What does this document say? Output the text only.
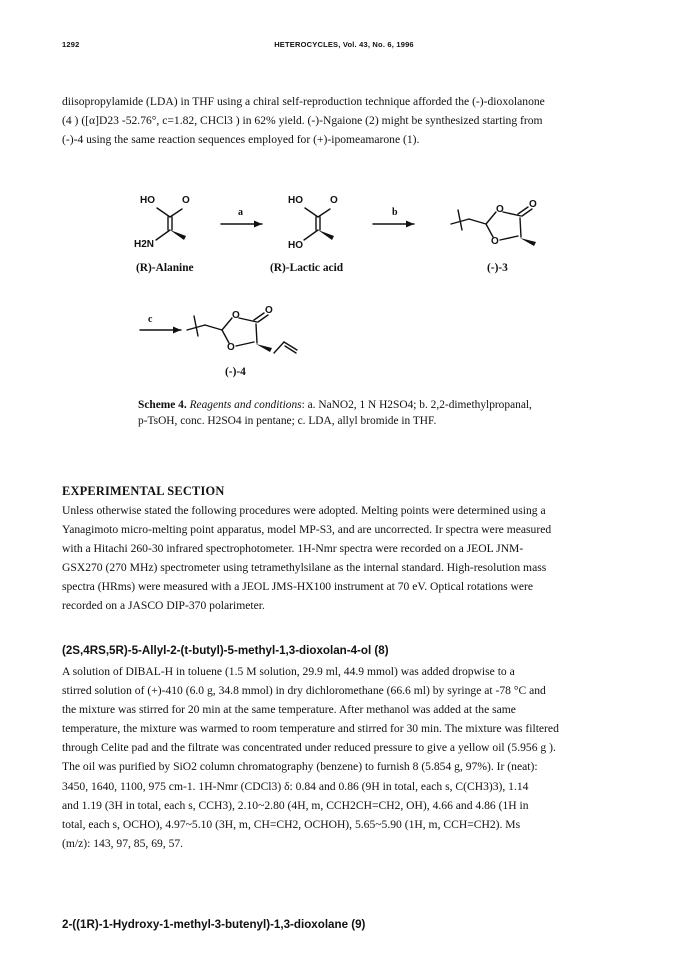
1292	HETEROCYCLES, Vol. 43, No. 6, 1996

diisopropylamide (LDA) in THF using a chiral self-reproduction technique afforded the (-)-dioxolanone

(4 ) ([α]D23 -52.76°, c=1.82, CHCl3 ) in 62% yield. (-)-Ngaione (2) might be synthesized starting from

(-)-4 using the same reaction sequences employed for (+)-ipomeamarone (1).

HO	O
H2N
HO	O
HO
O	O
O
O	O
O
a	b
c
(R)-Alanine	(R)-Lactic acid	(-)-3
(-)-4
Scheme 4. Reagents and conditions: a. NaNO2, 1 N H2SO4; b. 2,2-dimethylpropanal,
p-TsOH, conc. H2SO4 in pentane; c. LDA, allyl bromide in THF.
EXPERIMENTAL SECTION

Unless otherwise stated the following procedures were adopted. Melting points were determined using a

Yanagimoto micro-melting point apparatus, model MP-S3, and are uncorrected. Ir spectra were measured

with a Hitachi 260-30 infrared spectrophotometer. 1H-Nmr spectra were recorded on a JEOL JNM-

GSX270 (270 MHz) spectrometer using tetramethylsilane as the internal standard. High-resolution mass

spectra (HRms) were measured with a JEOL JMS-HX100 instrument at 70 eV. Optical rotations were

recorded on a JASCO DIP-370 polarimeter.

(2S,4RS,5R)-5-Allyl-2-(t-butyl)-5-methyl-1,3-dioxolan-4-ol (8)

A solution of DIBAL-H in toluene (1.5 M solution, 29.9 ml, 44.9 mmol) was added dropwise to a

stirred solution of (+)-410 (6.0 g, 34.8 mmol) in dry dichloromethane (66.6 ml) by syringe at -78 °C and

the mixture was stirred for 20 min at the same temperature. After methanol was added at the same

temperature, the mixture was warmed to room temperature and stirred for 30 min. The mixture was filtered

through Celite pad and the filtrate was concentrated under reduced pressure to give a yellow oil (5.956 g ).

The oil was purified by SiO2 column chromatography (benzene) to furnish 8 (5.854 g, 97%). Ir (neat):

3450, 1640, 1100, 975 cm-1. 1H-Nmr (CDCl3) δ: 0.84 and 0.86 (9H in total, each s, C(CH3)3), 1.14

and 1.19 (3H in total, each s, CCH3), 2.10~2.80 (4H, m, CCH2CH=CH2, OH), 4.66 and 4.86 (1H in

total, each s, OCHO), 4.97~5.10 (3H, m, CH=CH2, OCHOH), 5.65~5.90 (1H, m, CCH=CH2). Ms

(m/z): 143, 97, 85, 69, 57.

2-((1R)-1-Hydroxy-1-methyl-3-butenyl)-1,3-dioxolane (9)
